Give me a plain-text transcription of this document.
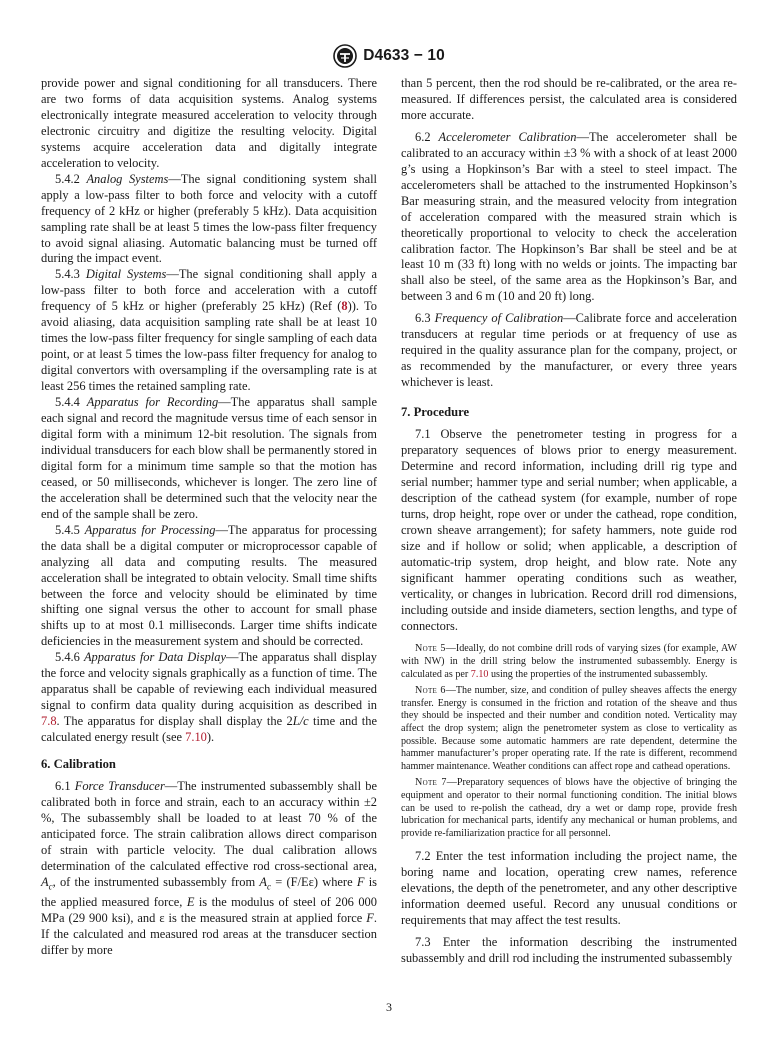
D4633 − 10

provide power and signal conditioning for all transducers. There are two forms of data acquisition systems. Analog systems electronically integrate measured acceleration to velocity through electronic circuitry and digitize the resulting velocity. Digital systems acquire acceleration data and digitally integrate acceleration to velocity.

5.4.2 Analog Systems—The signal conditioning system shall apply a low-pass filter to both force and velocity with a cutoff frequency of 2 kHz or higher (preferably 5 kHz). Data acquisition sampling rate shall be at least 5 times the low-pass filter frequency to avoid signal aliasing. Automatic balancing must be turned off during the impact event.

5.4.3 Digital Systems—The signal conditioning shall apply a low-pass filter to both force and acceleration with a cutoff frequency of 5 kHz or higher (preferably 25 kHz) (Ref (8)). To avoid aliasing, data acquisition sampling rate shall be at least 10 times the low-pass filter frequency for single sampling of each data point, or at least 5 times the low-pass filter frequency for analog to digital convertors with oversampling if the oversampling rate is at least 256 times the retained sampling rate.

5.4.4 Apparatus for Recording—The apparatus shall sample each signal and record the magnitude versus time of each sensor in digital form with a minimum 12-bit resolution. The signals from individual transducers for each blow shall be permanently stored in digital form for a minimum time sample so that the motion has ceased, or 50 milliseconds, whichever is longer. The zero line of the acceleration shall be determined such that the velocity near the end of the sample shall be zero.

5.4.5 Apparatus for Processing—The apparatus for processing the data shall be a digital computer or microprocessor capable of analyzing all data and computing results. The measured acceleration shall be integrated to obtain velocity. Small time shifts between the force and velocity should be eliminated by time shifting one signal versus the other to account for small phase shifts up to at most 0.1 milliseconds. Larger time shifts indicate deficiencies in the measurement system and should be corrected.

5.4.6 Apparatus for Data Display—The apparatus shall display the force and velocity signals graphically as a function of time. The apparatus shall be capable of reviewing each individual measured signal to confirm data quality during acquisition as described in 7.8. The apparatus for display shall display the 2L/c time and the calculated energy result (see 7.10).

6. Calibration

6.1 Force Transducer—The instrumented subassembly shall be calibrated both in force and strain, each to an accuracy within ±2 %, The subassembly shall be loaded to at least 70 % of the anticipated force. The strain calibration allows direct comparison of strain with particle velocity. The dual calibration allows determination of the calculated effective rod cross-sectional area, $A_c$, of the instrumented subassembly from $A_c = (F/E\varepsilon)$ where F is the applied measured force, E is the modulus of steel of 206 000 MPa (29 900 ksi), and ε is the measured strain at applied force F. If the calculated and measured rod areas at the transducer section differ by more

than 5 percent, then the rod should be re-calibrated, or the area re-measured. If differences persist, the calculated area is considered more accurate.

6.2 Accelerometer Calibration—The accelerometer shall be calibrated to an accuracy within ±3 % with a shock of at least 2000 g’s using a Hopkinson’s Bar with a steel to steel impact. The accelerometers shall be attached to the instrumented Hopkinson’s Bar measuring strain, and the measured velocity from integration of acceleration compared with the measured strain which is theoretically proportional to velocity to check the acceleration calibration factor. The Hopkinson’s Bar shall be steel and be at least 10 m (33 ft) long with no welds or joints. The impacting bar shall also be steel, of the same area as the Hopkinson’s Bar, and between 3 and 6 m (10 and 20 ft) long.

6.3 Frequency of Calibration—Calibrate force and acceleration transducers at regular time periods or at frequency of use as required in the quality assurance plan for the company, project, or as recommended by the manufacturer, or every three years whichever is least.

7. Procedure

7.1 Observe the penetrometer testing in progress for a preparatory sequences of blows prior to energy measurement. Determine and record information, including drill rig type and serial number; hammer type and serial number; when applicable, a description of the cathead system (for example, number of rope turns, drop height, rope over or under the cathead, rope condition, crown sheave arrangement); for safety hammers, note guide rod size and if hollow or solid; when applicable, a description of automatic-trip system, drop height, and blow rate. Note any significant hammer operating conditions such as weather, verticality, or changes in lubrication. Record drill rod dimensions, including outside and inside diameters, section lengths, and type of connectors.

Note 5—Ideally, do not combine drill rods of varying sizes (for example, AW with NW) in the drill string below the instrumented subassembly. Energy is calculated as per 7.10 using the properties of the instrumented subassembly.

Note 6—The number, size, and condition of pulley sheaves affects the energy transfer. Energy is consumed in the friction and rotation of the sheave and thus they should be inspected and their number and condition noted. Verticality may affect the drop system; align the penetrometer system as close to verticality as possible. Because some automatic hammers are rate dependent, determine the hammer manufacturer’s proper operating rate. If the rate is different, recommend hammer maintenance. Weather conditions can affect rope and cathead operations.

Note 7—Preparatory sequences of blows have the objective of bringing the equipment and operator to their normal functioning condition. The initial blows can be used to re-polish the cathead, dry a wet or damp rope, provide fresh lubrication for mechanical parts, identify any mechanical or human problems, and provide re-familiarization practice for all personnel.

7.2 Enter the test information including the project name, the boring name and location, operating crew names, reference elevations, the depth of the penetrometer, and any other descriptive information deemed useful. Record any unusual conditions or requirements that may affect the test results.

7.3 Enter the information describing the instrumented subassembly and drill rod including the instrumented subassembly

3
